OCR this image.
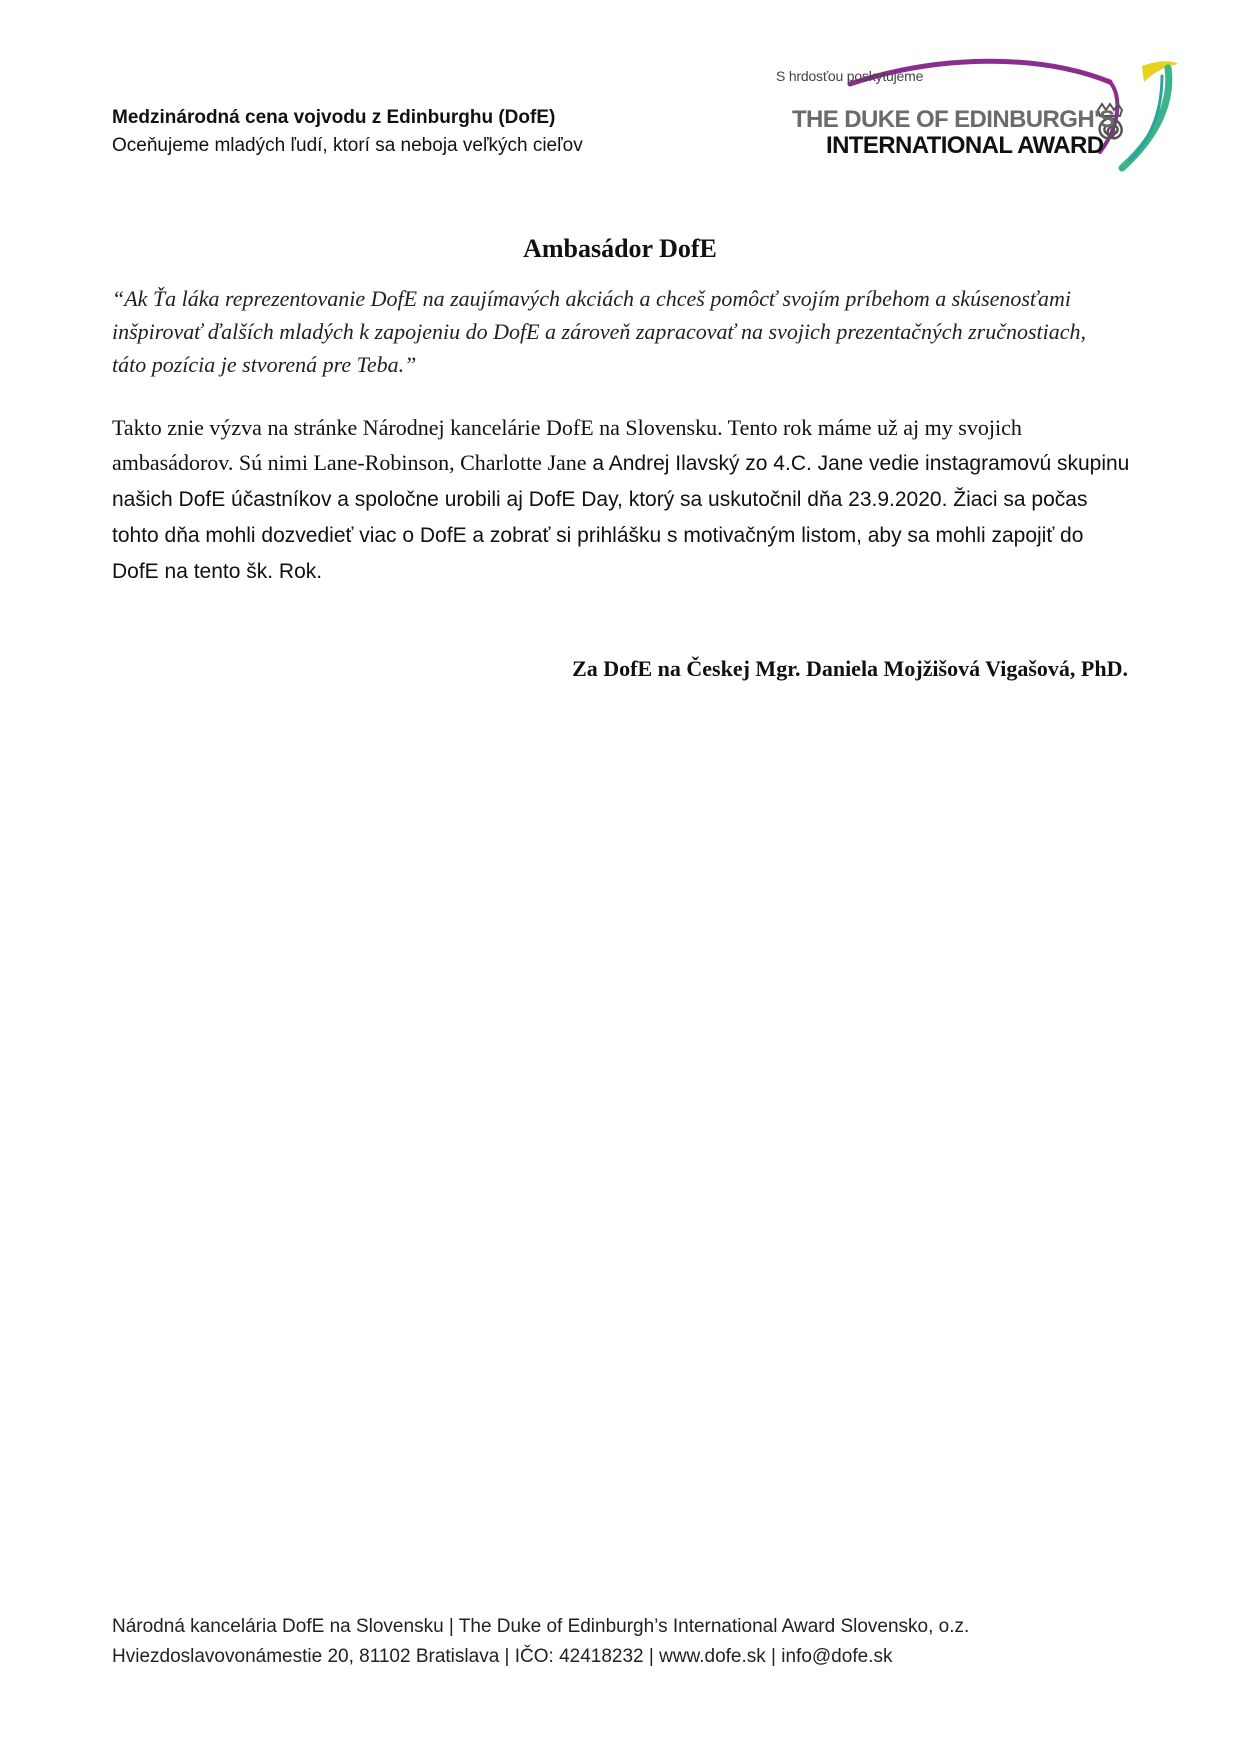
Medzinárodná cena vojvodu z Edinburghu (DofE)
Oceňujeme mladých ľudí, ktorí sa neboja veľkých cieľov
S hrdosťou poskytujeme
THE DUKE OF EDINBURGH'S
INTERNATIONAL AWARD
Ambasádor DofE

“Ak Ťa láka reprezentovanie DofE na zaujímavých akciách a chceš pomôcť svojím príbehom a skúsenosťami inšpirovať ďalších mladých k zapojeniu do DofE a zároveň zapracovať na svojich prezentačných zručnostiach, táto pozícia je stvorená pre Teba.”

Takto znie výzva na stránke Národnej kancelárie DofE na Slovensku. Tento rok máme už aj my svojich ambasádorov. Sú nimi Lane-Robinson, Charlotte Jane a Andrej Ilavský zo 4.C. Jane vedie instagramovú skupinu našich DofE účastníkov a spoločne urobili aj DofE Day, ktorý sa uskutočnil dňa 23.9.2020. Žiaci sa počas tohto dňa mohli dozvedieť viac o DofE a zobrať si prihlášku s motivačným listom, aby sa mohli zapojiť do DofE na tento šk. Rok.

Za DofE na Českej Mgr. Daniela Mojžišová Vigašová, PhD.
Národná kancelária DofE na Slovensku | The Duke of Edinburgh’s International Award Slovensko, o.z.
Hviezdoslavovonámestie 20, 81102 Bratislava | IČO: 42418232 | www.dofe.sk | info@dofe.sk
